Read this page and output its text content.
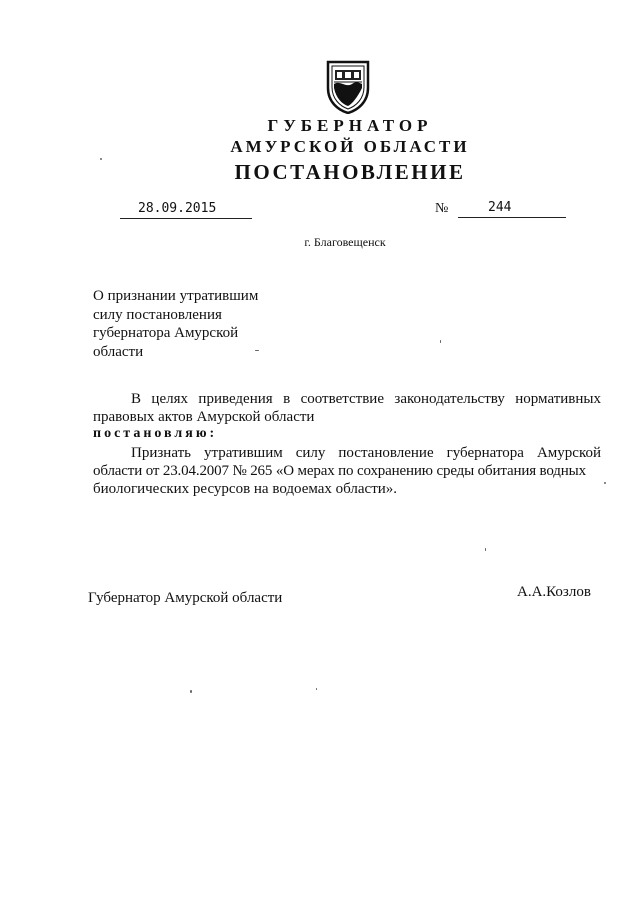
ГУБЕРНАТОР
АМУРСКОЙ ОБЛАСТИ
ПОСТАНОВЛЕНИЕ
28.09.2015	№	244
г. Благовещенск
О признании утратившим
силу постановления
губернатора Амурской
области
В целях приведения в соответствие законодательству нормативных
правовых актов Амурской области
постановляю:
Признать утратившим силу постановление губернатора Амурской
области от 23.04.2007 № 265 «О мерах по сохранению среды обитания водных
биологических ресурсов на водоемах области».
Губернатор Амурской области	А.А.Козлов
